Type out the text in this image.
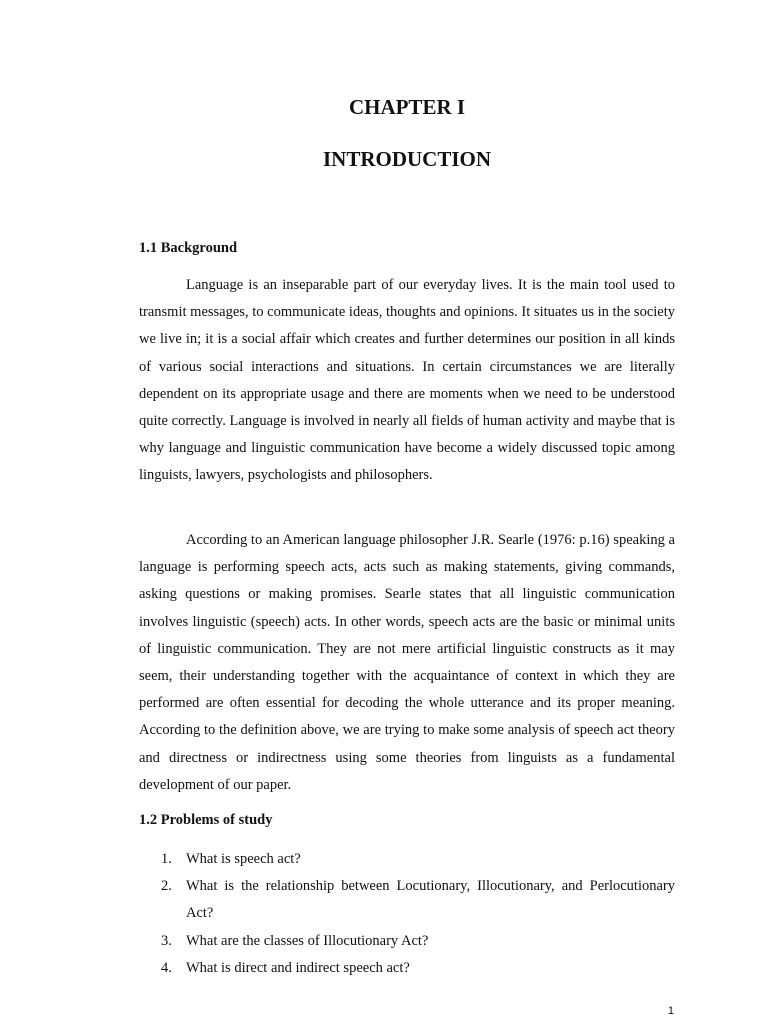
CHAPTER I
INTRODUCTION

1.1 Background

Language is an inseparable part of our everyday lives. It is the main tool used to transmit messages, to communicate ideas, thoughts and opinions. It situates us in the society we live in; it is a social affair which creates and further determines our position in all kinds of various social interactions and situations. In certain circumstances we are literally dependent on its appropriate usage and there are moments when we need to be understood quite correctly. Language is involved in nearly all fields of human activity and maybe that is why language and linguistic communication have become a widely discussed topic among linguists, lawyers, psychologists and philosophers.

According to an American language philosopher J.R. Searle (1976: p.16) speaking a language is performing speech acts, acts such as making statements, giving commands, asking questions or making promises. Searle states that all linguistic communication involves linguistic (speech) acts. In other words, speech acts are the basic or minimal units of linguistic communication. They are not mere artificial linguistic constructs as it may seem, their understanding together with the acquaintance of context in which they are performed are often essential for decoding the whole utterance and its proper meaning. According to the definition above, we are trying to make some analysis of speech act theory and directness or indirectness using some theories from linguists as a fundamental development of our paper.

1.2 Problems of study

1. What is speech act?
2. What is the relationship between Locutionary, Illocutionary, and Perlocutionary Act?
3. What are the classes of Illocutionary Act?
4. What is direct and indirect speech act?
1
